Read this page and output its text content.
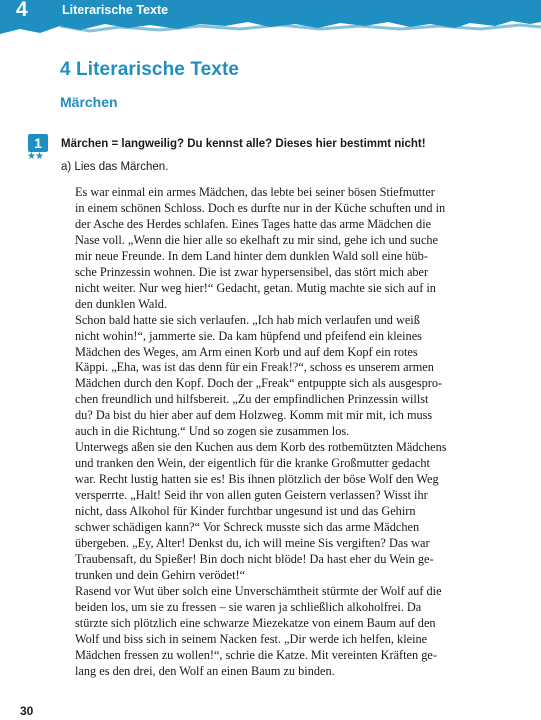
4	Literarische Texte
4 Literarische Texte
Märchen
1
★★
Märchen = langweilig? Du kennst alle? Dieses hier bestimmt nicht!
a) Lies das Märchen.
Es war einmal ein armes Mädchen, das lebte bei seiner bösen Stiefmutter
in einem schönen Schloss. Doch es durfte nur in der Küche schuften und in
der Asche des Herdes schlafen. Eines Tages hatte das arme Mädchen die
Nase voll. „Wenn die hier alle so ekelhaft zu mir sind, gehe ich und suche
mir neue Freunde. In dem Land hinter dem dunklen Wald soll eine hüb-
sche Prinzessin wohnen. Die ist zwar hypersensibel, das stört mich aber
nicht weiter. Nur weg hier!“ Gedacht, getan. Mutig machte sie sich auf in
den dunklen Wald.
Schon bald hatte sie sich verlaufen. „Ich hab mich verlaufen und weiß
nicht wohin!“, jammerte sie. Da kam hüpfend und pfeifend ein kleines
Mädchen des Weges, am Arm einen Korb und auf dem Kopf ein rotes
Käppi. „Eha, was ist das denn für ein Freak!?“, schoss es unserem armen
Mädchen durch den Kopf. Doch der „Freak“ entpuppte sich als ausgespro-
chen freundlich und hilfsbereit. „Zu der empfindlichen Prinzessin willst
du? Da bist du hier aber auf dem Holzweg. Komm mit mir mit, ich muss
auch in die Richtung.“ Und so zogen sie zusammen los.
Unterwegs aßen sie den Kuchen aus dem Korb des rotbemützten Mädchens
und tranken den Wein, der eigentlich für die kranke Großmutter gedacht
war. Recht lustig hatten sie es! Bis ihnen plötzlich der böse Wolf den Weg
versperrte. „Halt! Seid ihr von allen guten Geistern verlassen? Wisst ihr
nicht, dass Alkohol für Kinder furchtbar ungesund ist und das Gehirn
schwer schädigen kann?“ Vor Schreck musste sich das arme Mädchen
übergeben. „Ey, Alter! Denkst du, ich will meine Sis vergiften? Das war
Traubensaft, du Spießer! Bin doch nicht blöde! Da hast eher du Wein ge-
trunken und dein Gehirn verödet!“
Rasend vor Wut über solch eine Unverschämtheit stürmte der Wolf auf die
beiden los, um sie zu fressen – sie waren ja schließlich alkoholfrei. Da
stürzte sich plötzlich eine schwarze Miezekatze von einem Baum auf den
Wolf und biss sich in seinem Nacken fest. „Dir werde ich helfen, kleine
Mädchen fressen zu wollen!“, schrie die Katze. Mit vereinten Kräften ge-
lang es den drei, den Wolf an einen Baum zu binden.
30
